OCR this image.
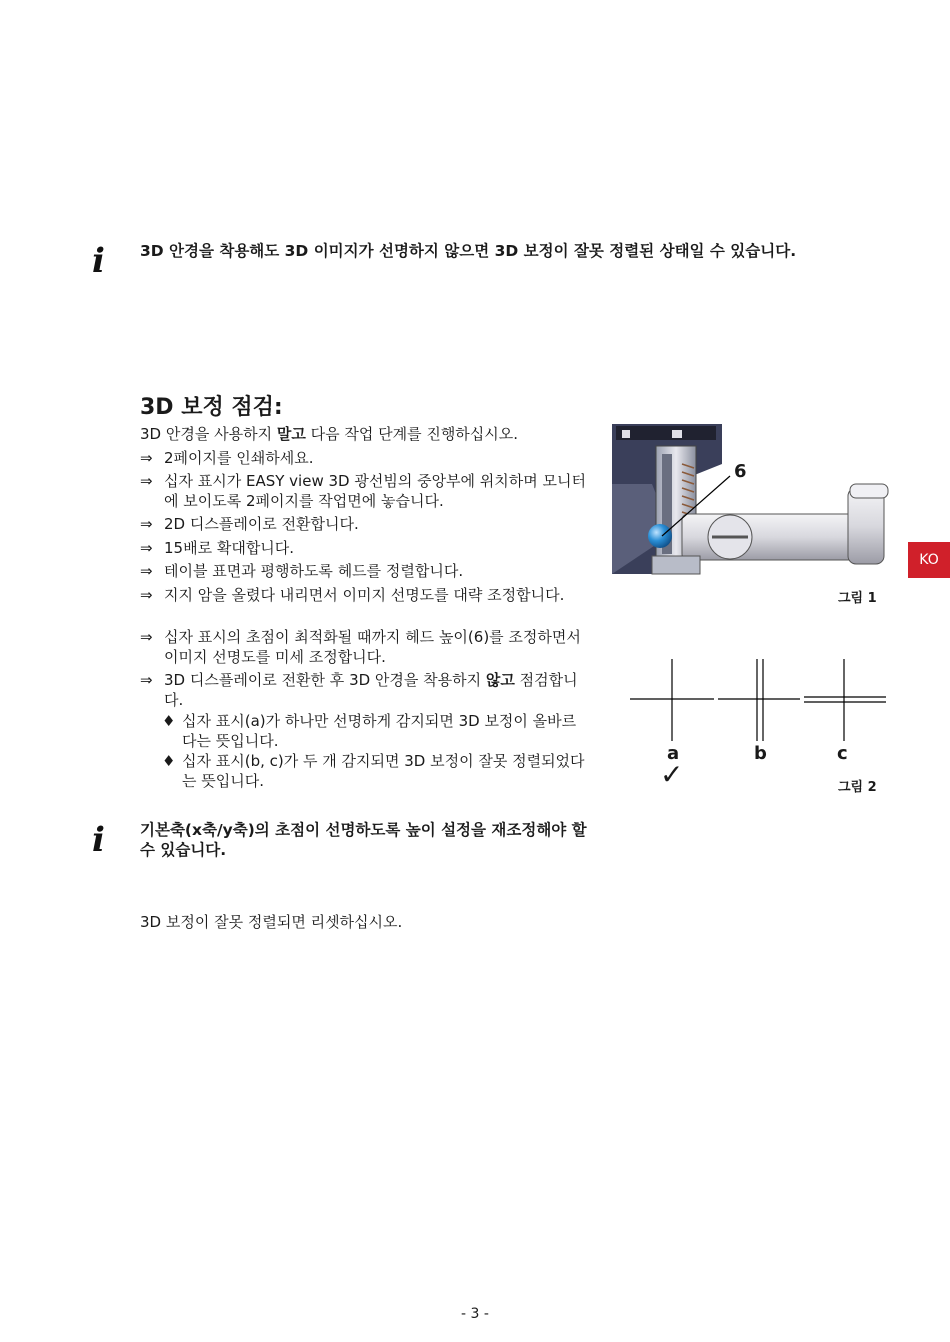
i	3D 안경을 착용해도 3D 이미지가 선명하지 않으면 3D 보정이 잘못 정렬된 상태일 수 있습니다.
3D 보정 점검:
3D 안경을 사용하지 말고 다음 작업 단계를 진행하십시오.
⇒ 2페이지를 인쇄하세요.
⇒ 십자 표시가 EASY view 3D 광선빔의 중앙부에 위치하며 모니터에 보이도록 2페이지를 작업면에 놓습니다.
⇒ 2D 디스플레이로 전환합니다.
⇒ 15배로 확대합니다.
⇒ 테이블 표면과 평행하도록 헤드를 정렬합니다.
⇒ 지지 암을 올렸다 내리면서 이미지 선명도를 대략 조정합니다.
⇒ 십자 표시의 초점이 최적화될 때까지 헤드 높이(6)를 조정하면서 이미지 선명도를 미세 조정합니다.
⇒ 3D 디스플레이로 전환한 후 3D 안경을 착용하지 않고 점검합니다.
♦ 십자 표시(a)가 하나만 선명하게 감지되면 3D 보정이 올바르다는 뜻입니다.
♦ 십자 표시(b, c)가 두 개 감지되면 3D 보정이 잘못 정렬되었다는 뜻입니다.
i	기본축(x축/y축)의 초점이 선명하도록 높이 설정을 재조정해야 할 수 있습니다.
3D 보정이 잘못 정렬되면 리셋하십시오.
6
그림 1
KO
a	b	c
✓	그림 2
- 3 -
